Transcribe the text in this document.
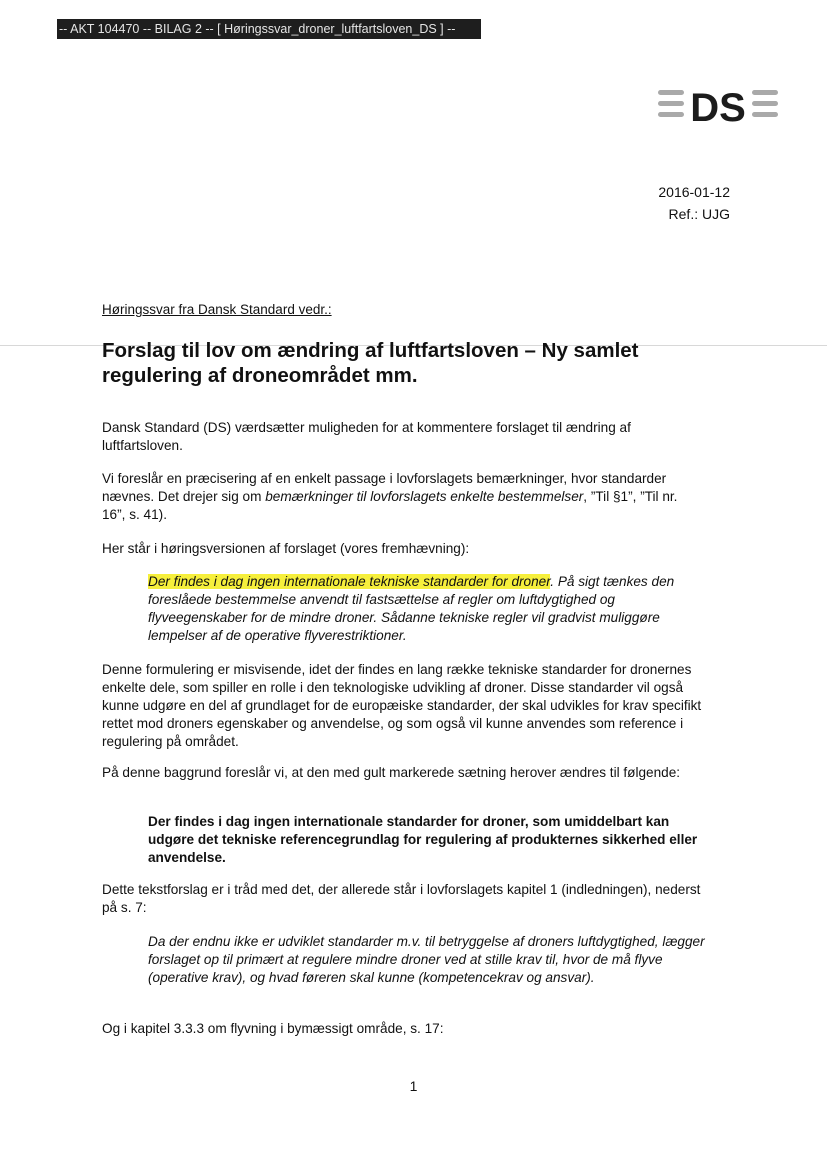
-- AKT 104470 -- BILAG 2 -- [ Høringssvar_droner_luftfartsloven_DS ] --
DS
2016-01-12
Ref.: UJG
Høringssvar fra Dansk Standard vedr.:
Forslag til lov om ændring af luftfartsloven – Ny samlet regulering af droneområdet mm.

Dansk Standard (DS) værdsætter muligheden for at kommentere forslaget til ændring af luftfartsloven.

Vi foreslår en præcisering af en enkelt passage i lovforslagets bemærkninger, hvor standarder nævnes. Det drejer sig om bemærkninger til lovforslagets enkelte bestemmelser, ”Til §1”, ”Til nr. 16”, s. 41).

Her står i høringsversionen af forslaget (vores fremhævning):

Der findes i dag ingen internationale tekniske standarder for droner. På sigt tænkes den foreslåede bestemmelse anvendt til fastsættelse af regler om luftdygtighed og flyveegenskaber for de mindre droner. Sådanne tekniske regler vil gradvist muliggøre lempelser af de operative flyverestriktioner.

Denne formulering er misvisende, idet der findes en lang række tekniske standarder for dronernes enkelte dele, som spiller en rolle i den teknologiske udvikling af droner. Disse standarder vil også kunne udgøre en del af grundlaget for de europæiske standarder, der skal udvikles for krav specifikt rettet mod droners egenskaber og anvendelse, og som også vil kunne anvendes som reference i regulering på området.

På denne baggrund foreslår vi, at den med gult markerede sætning herover ændres til følgende:

Der findes i dag ingen internationale standarder for droner, som umiddelbart kan udgøre det tekniske referencegrundlag for regulering af produkternes sikkerhed eller anvendelse.

Dette tekstforslag er i tråd med det, der allerede står i lovforslagets kapitel 1 (indledningen), nederst på s. 7:

Da der endnu ikke er udviklet standarder m.v. til betryggelse af droners luftdygtighed, lægger forslaget op til primært at regulere mindre droner ved at stille krav til, hvor de må flyve (operative krav), og hvad føreren skal kunne (kompetencekrav og ansvar).

Og i kapitel 3.3.3 om flyvning i bymæssigt område, s. 17:

1
